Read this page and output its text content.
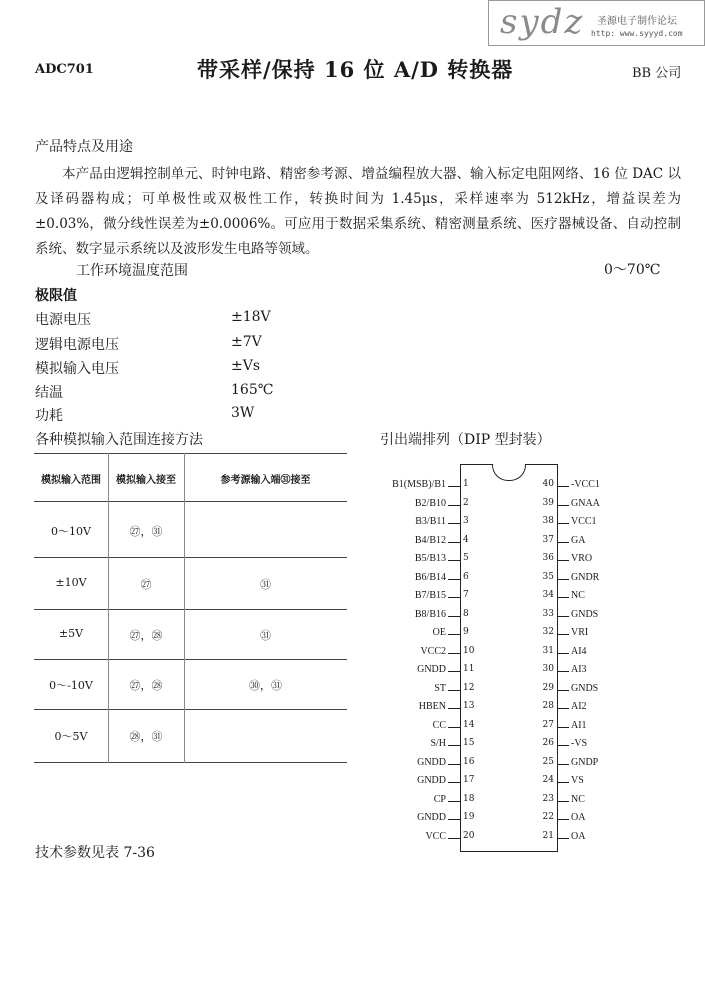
sydz 圣源电子制作论坛
http: www.syyyd.com
ADC701	带采样/保持 16 位 A/D 转换器	BB 公司
产品特点及用途
本产品由逻辑控制单元、时钟电路、精密参考源、增益编程放大器、输入标定电阻网络、16 位 DAC 以及译码器构成；可单极性或双极性工作，转换时间为 1.45μs，采样速率为 512kHz，增益误差为±0.03%，微分线性误差为±0.0006%。可应用于数据采集系统、精密测量系统、医疗器械设备、自动控制系统、数字显示系统以及波形发生电路等领域。
工作环境温度范围	0～70℃
极限值
电源电压	±18V
逻辑电源电压	±7V
模拟输入电压	±Vs
结温	165℃
功耗	3W
各种模拟输入范围连接方法
模拟输入范围	模拟输入接至	参考源输入端㉛接至
0～10V	㉗，㉛
±10V	㉗	㉛
±5V	㉗，㉘	㉛
0～-10V	㉗，㉘	㉚，㉛
0～5V	㉘，㉛
引出端排列（DIP 型封装）
B1(MSB)/B1 1
B2/B10 2
B3/B11 3
B4/B12 4
B5/B13 5
B6/B14 6
B7/B15 7
B8/B16 8
OE 9
VCC2 10
GNDD 11
ST 12
HBEN 13
CC 14
S/H 15
GNDD 16
GNDD 17
CP 18
GNDD 19
VCC 20
40 -VCC1
39 GNAA
38 VCC1
37 GA
36 VRO
35 GNDR
34 NC
33 GNDS
32 VRI
31 AI4
30 AI3
29 GNDS
28 AI2
27 AI1
26 -VS
25 GNDP
24 VS
23 NC
22 OA
21 OA
技术参数见表 7-36
